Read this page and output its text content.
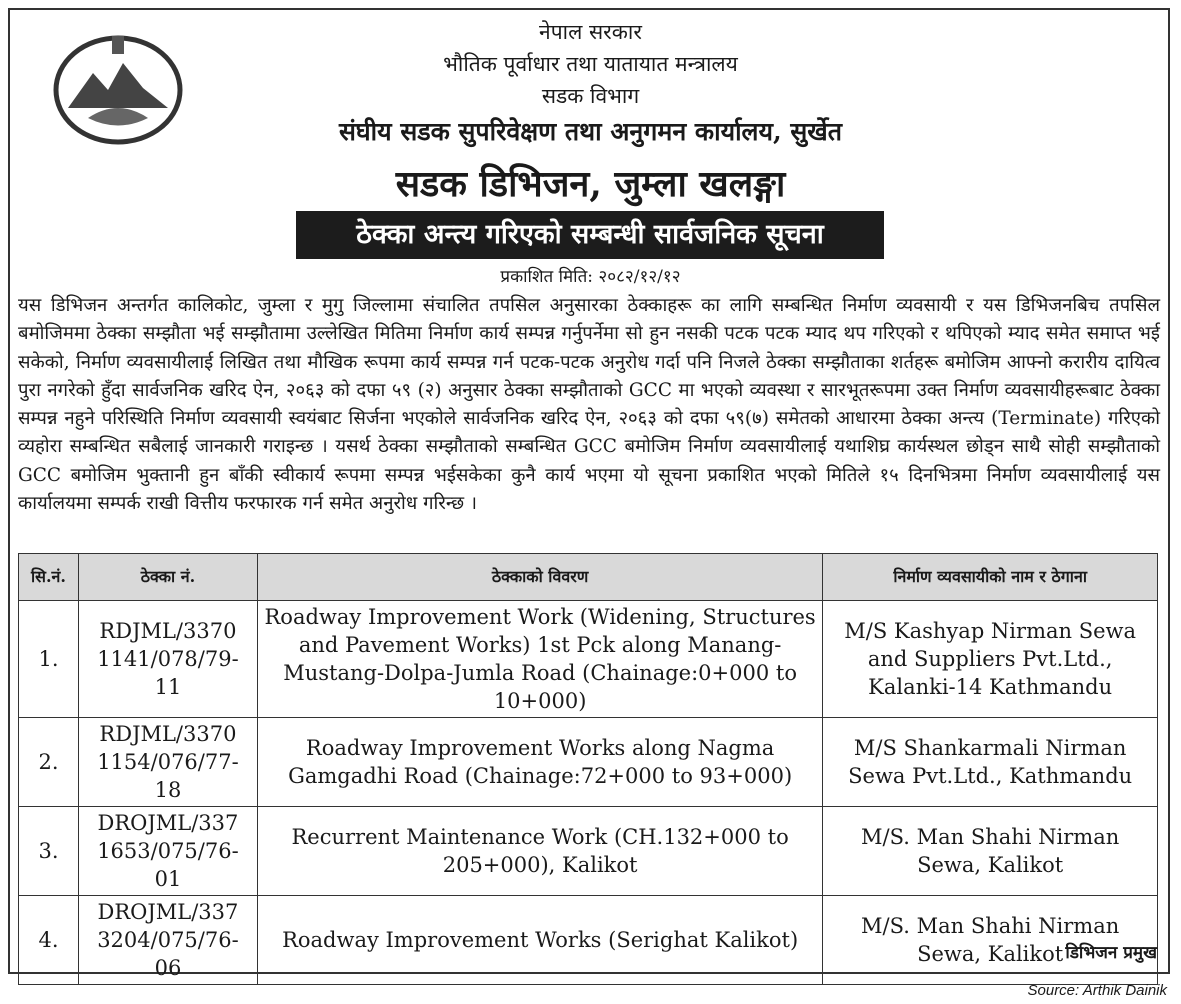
नेपाल सरकार
भौतिक पूर्वाधार तथा यातायात मन्त्रालय
सडक विभाग
संघीय सडक सुपरिवेक्षण तथा अनुगमन कार्यालय, सुर्खेत
सडक डिभिजन, जुम्ला खलङ्गा
ठेक्का अन्त्य गरिएको सम्बन्धी सार्वजनिक सूचना
प्रकाशित मिति: २०८२/१२/१२
यस डिभिजन अन्तर्गत कालिकोट, जुम्ला र मुगु जिल्लामा संचालित तपसिल अनुसारका ठेक्काहरू का लागि सम्बन्धित निर्माण व्यवसायी र यस डिभिजनबिच तपसिल बमोजिममा ठेक्का सम्झौता भई सम्झौतामा उल्लेखित मितिमा निर्माण कार्य सम्पन्न गर्नुपर्नेमा सो हुन नसकी पटक पटक म्याद थप गरिएको र थपिएको म्याद समेत समाप्त भई सकेको, निर्माण व्यवसायीलाई लिखित तथा मौखिक रूपमा कार्य सम्पन्न गर्न पटक-पटक अनुरोध गर्दा पनि निजले ठेक्का सम्झौताका शर्तहरू बमोजिम आफ्नो करारीय दायित्व पुरा नगरेको हुँदा सार्वजनिक खरिद ऐन, २०६३ को दफा ५९ (२) अनुसार ठेक्का सम्झौताको GCC मा भएको व्यवस्था र सारभूतरूपमा उक्त निर्माण व्यवसायीहरूबाट ठेक्का सम्पन्न नहुने परिस्थिति निर्माण व्यवसायी स्वयंबाट सिर्जना भएकोले सार्वजनिक खरिद ऐन, २०६३ को दफा ५९(७) समेतको आधारमा ठेक्का अन्त्य (Terminate) गरिएको व्यहोरा सम्बन्धित सबैलाई जानकारी गराइन्छ । यसर्थ ठेक्का सम्झौताको सम्बन्धित GCC बमोजिम निर्माण व्यवसायीलाई यथाशिघ्र कार्यस्थल छोड्न साथै सोही सम्झौताको GCC बमोजिम भुक्तानी हुन बाँकी स्वीकार्य रूपमा सम्पन्न भईसकेका कुनै कार्य भएमा यो सूचना प्रकाशित भएको मितिले १५ दिनभित्रमा निर्माण व्यवसायीलाई यस कार्यालयमा सम्पर्क राखी वित्तीय फरफारक गर्न समेत अनुरोध गरिन्छ ।
सि.नं.	ठेक्का नं.	ठेक्काको विवरण	निर्माण व्यवसायीको नाम र ठेगाना
1.	RDJML/3370 1141/078/79-11	Roadway Improvement Work (Widening, Structures and Pavement Works) 1st Pck along Manang-Mustang-Dolpa-Jumla Road (Chainage:0+000 to 10+000)	M/S Kashyap Nirman Sewa and Suppliers Pvt.Ltd., Kalanki-14 Kathmandu
2.	RDJML/3370 1154/076/77-18	Roadway Improvement Works along Nagma Gamgadhi Road (Chainage:72+000 to 93+000)	M/S Shankarmali Nirman Sewa Pvt.Ltd., Kathmandu
3.	DROJML/337 1653/075/76-01	Recurrent Maintenance Work (CH.132+000 to 205+000), Kalikot	M/S. Man Shahi Nirman Sewa, Kalikot
4.	DROJML/337 3204/075/76-06	Roadway Improvement Works (Serighat Kalikot)	M/S. Man Shahi Nirman Sewa, Kalikot डिभिजन प्रमुख
Source: Arthik Dainik
